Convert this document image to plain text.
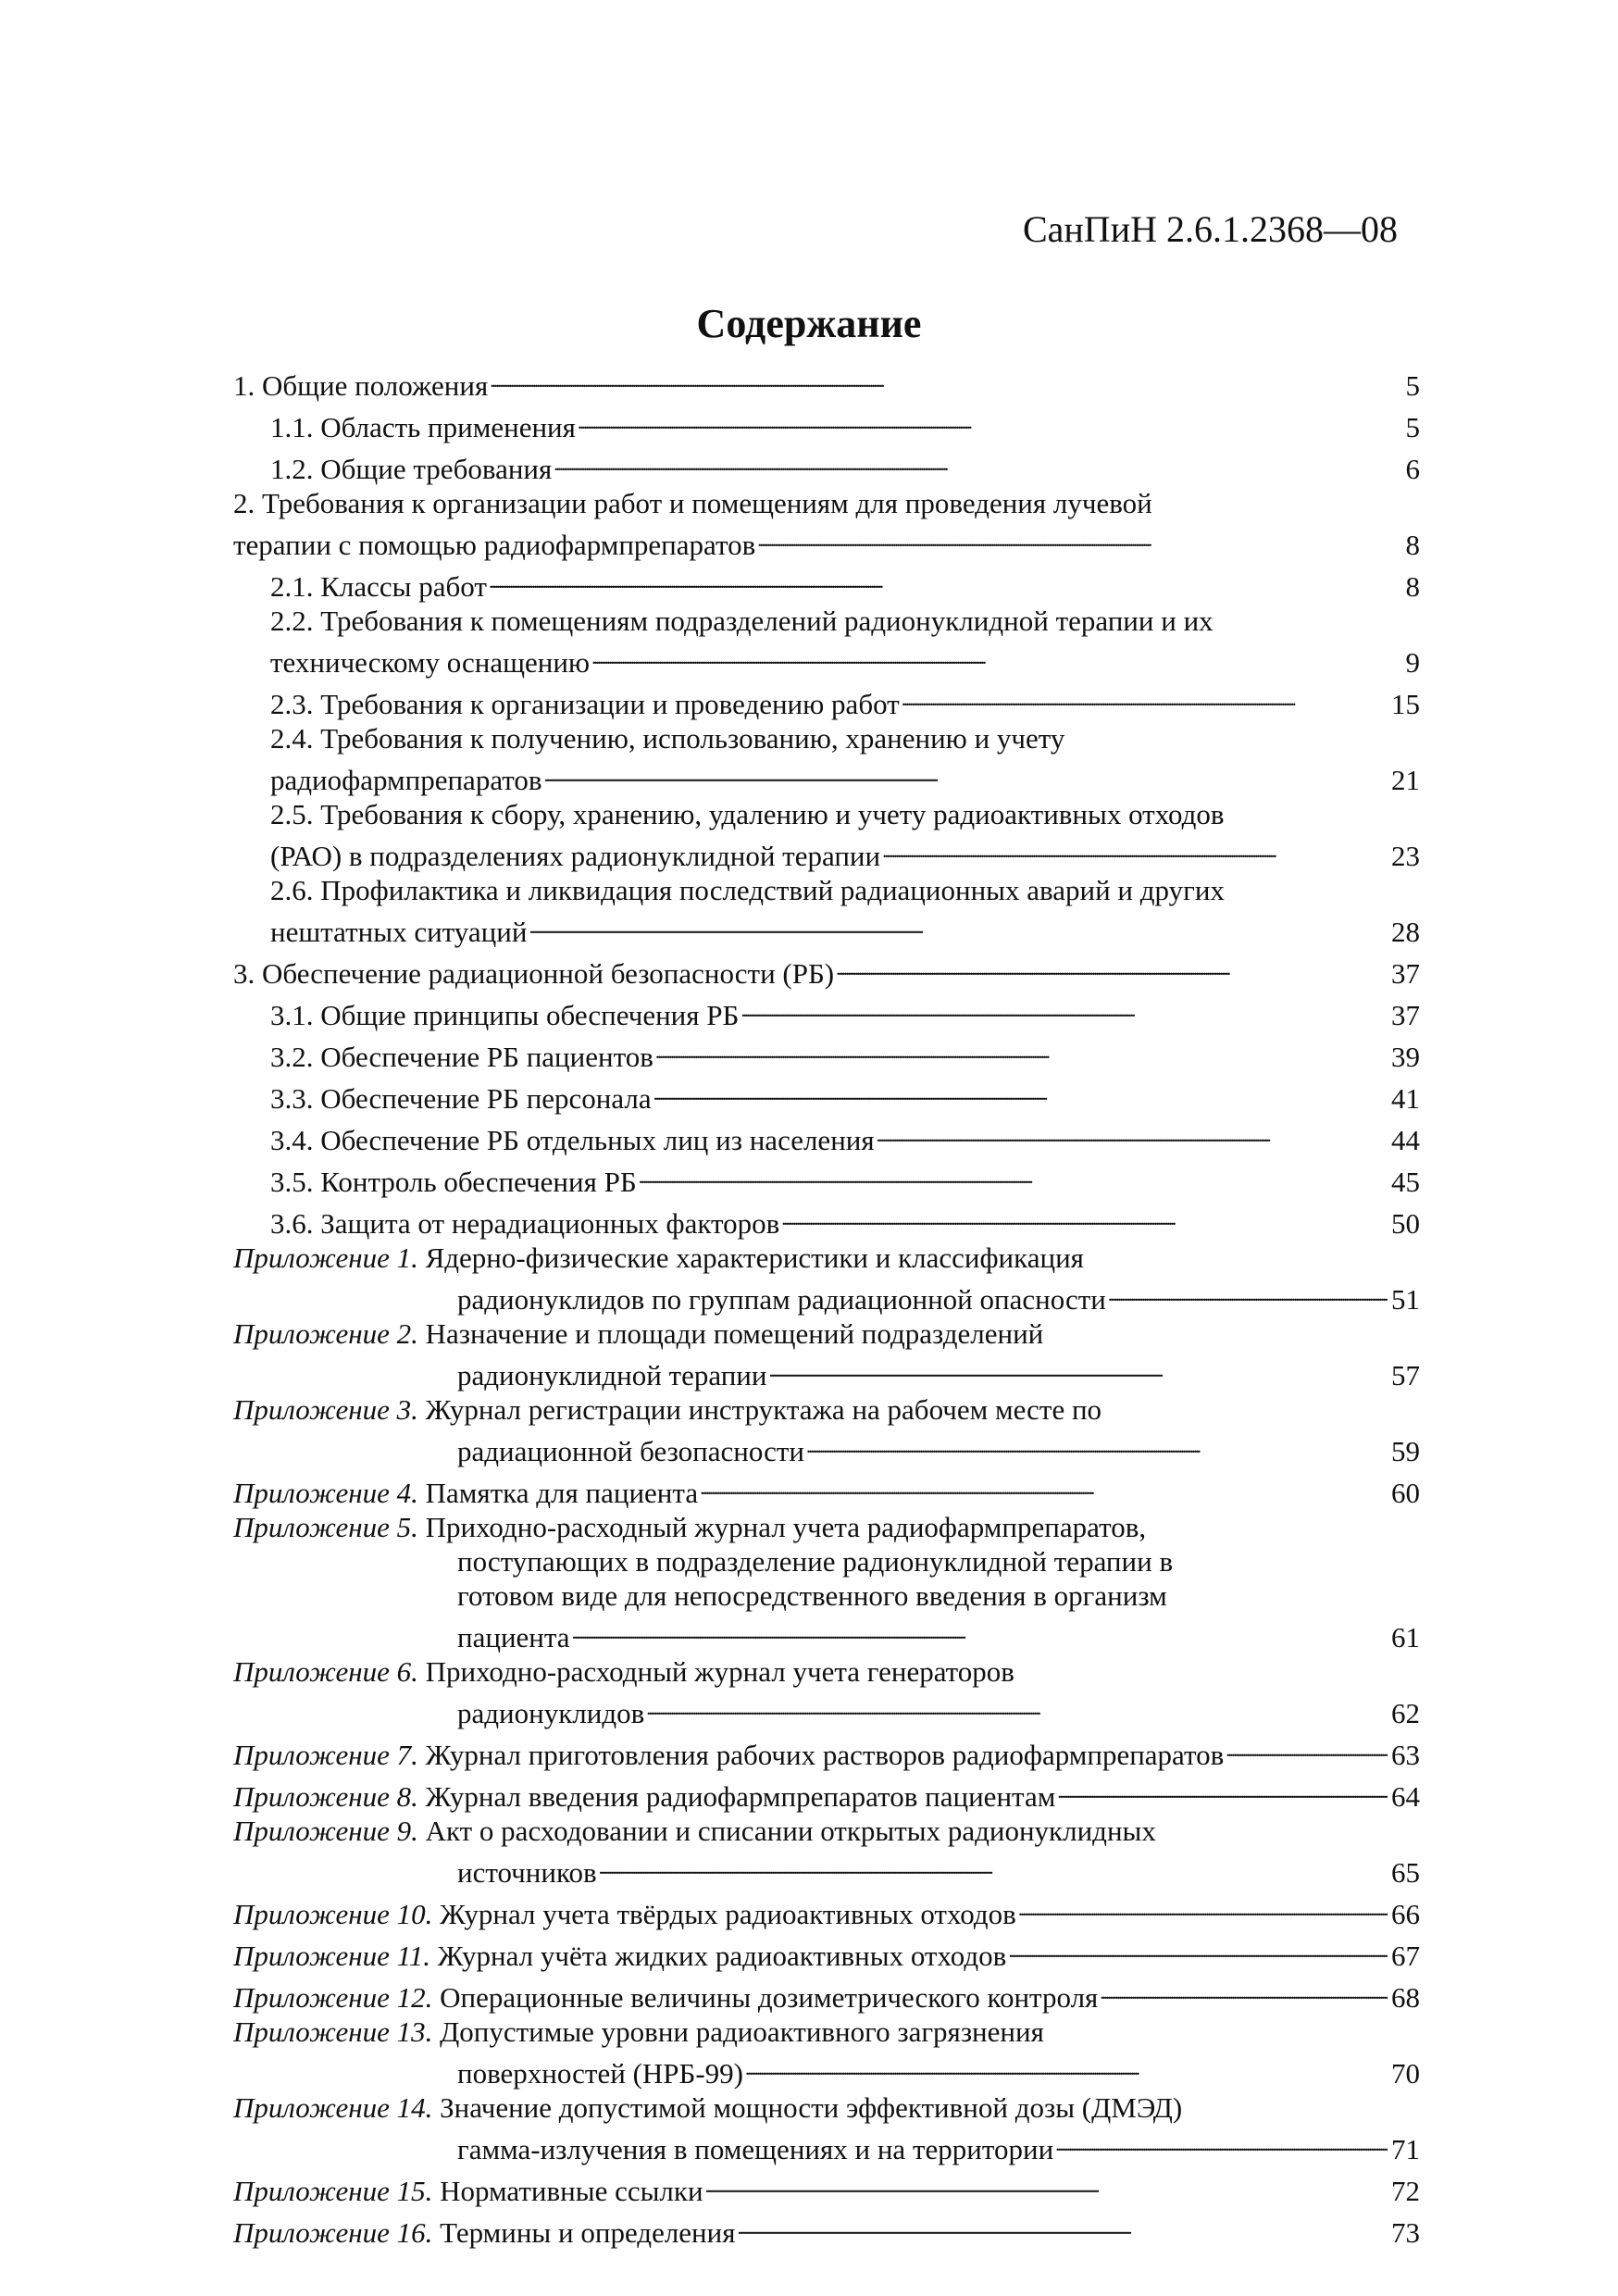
СанПиН 2.6.1.2368—08
Содержание
1. Общие положения . . .	5
1.1. Область применения . . .	5
1.2. Общие требования . . .	6
2. Требования к организации работ и помещениям для проведения лучевой
терапии с помощью радиофармпрепаратов . . .	8
2.1. Классы работ . . .	8
2.2. Требования к помещениям подразделений радионуклидной терапии и их
техническому оснащению . . .	9
2.3. Требования к организации и проведению работ . . .	15
2.4. Требования к получению, использованию, хранению и учету
радиофармпрепаратов . . .	21
2.5. Требования к сбору, хранению, удалению и учету радиоактивных отходов
(РАО) в подразделениях радионуклидной терапии . . .	23
2.6. Профилактика и ликвидация последствий радиационных аварий и других
нештатных ситуаций . . .	28
3. Обеспечение радиационной безопасности (РБ) . . .	37
3.1. Общие принципы обеспечения РБ . . .	37
3.2. Обеспечение РБ пациентов . . .	39
3.3. Обеспечение РБ персонала . . .	41
3.4. Обеспечение РБ отдельных лиц из населения . . .	44
3.5. Контроль обеспечения РБ . . .	45
3.6. Защита от нерадиационных факторов . . .	50
Приложение 1.
Ядерно-физические характеристики и классификация
радионуклидов по группам радиационной опасности . . .	51
Приложение 2.
Назначение и площади помещений подразделений
радионуклидной терапии . . .	57
Приложение 3.
Журнал регистрации инструктажа на рабочем месте по
радиационной безопасности . . .	59
Приложение 4.
Памятка для пациента . . .	60
Приложение 5.
Приходно-расходный журнал учета радиофармпрепаратов,
поступающих в подразделение радионуклидной терапии в
готовом виде для непосредственного введения в организм
пациента . . .	61
Приложение 6.
Приходно-расходный журнал учета генераторов
радионуклидов . . .	62
Приложение 7.
Журнал приготовления рабочих растворов радиофармпрепаратов . . .	63
Приложение 8.
Журнал введения радиофармпрепаратов пациентам . . .	64
Приложение 9.
Акт о расходовании и списании открытых радионуклидных
источников . . .	65
Приложение 10.
Журнал учета твёрдых радиоактивных отходов . . .	66
Приложение 11.
Журнал учёта жидких радиоактивных отходов . . .	67
Приложение 12.
Операционные величины дозиметрического контроля . . .	68
Приложение 13.
Допустимые уровни радиоактивного загрязнения
поверхностей (НРБ-99) . . .	70
Приложение 14.
Значение допустимой мощности эффективной дозы (ДМЭД)
гамма-излучения в помещениях и на территории . . .	71
Приложение 15.
Нормативные ссылки . . .	72
Приложение 16.
Термины и определения . . .	73
